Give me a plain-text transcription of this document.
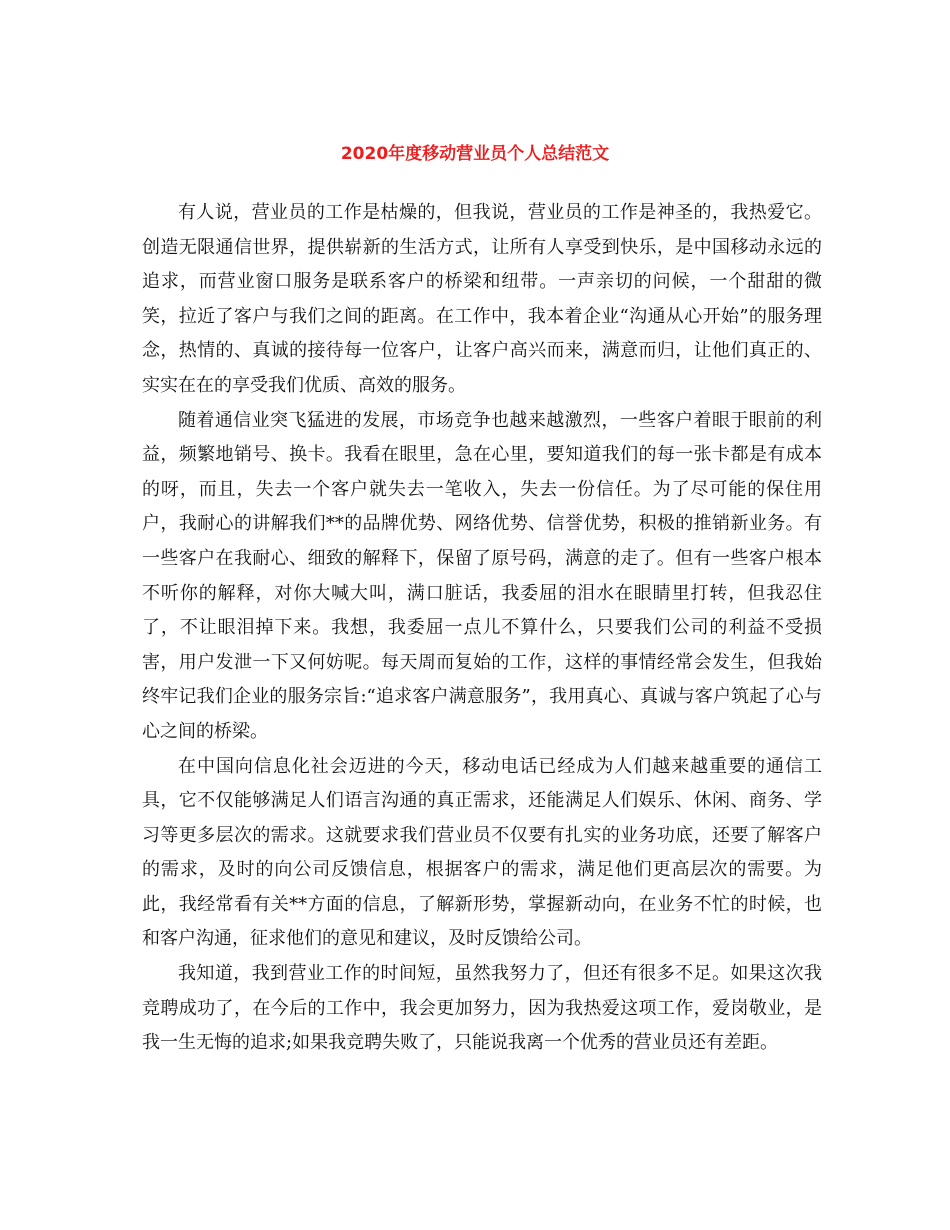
2020年度移动营业员个人总结范文

有人说，营业员的工作是枯燥的，但我说，营业员的工作是神圣的，我热爱它。创造无限通信世界，提供崭新的生活方式，让所有人享受到快乐，是中国移动永远的追求，而营业窗口服务是联系客户的桥梁和纽带。一声亲切的问候，一个甜甜的微笑，拉近了客户与我们之间的距离。在工作中，我本着企业“沟通从心开始”的服务理念，热情的、真诚的接待每一位客户，让客户高兴而来，满意而归，让他们真正的、实实在在的享受我们优质、高效的服务。

随着通信业突飞猛进的发展，市场竞争也越来越激烈，一些客户着眼于眼前的利益，频繁地销号、换卡。我看在眼里，急在心里，要知道我们的每一张卡都是有成本的呀，而且，失去一个客户就失去一笔收入，失去一份信任。为了尽可能的保住用户，我耐心的讲解我们**的品牌优势、网络优势、信誉优势，积极的推销新业务。有一些客户在我耐心、细致的解释下，保留了原号码，满意的走了。但有一些客户根本不听你的解释，对你大喊大叫，满口脏话，我委屈的泪水在眼睛里打转，但我忍住了，不让眼泪掉下来。我想，我委屈一点儿不算什么，只要我们公司的利益不受损害，用户发泄一下又何妨呢。每天周而复始的工作，这样的事情经常会发生，但我始终牢记我们企业的服务宗旨:“追求客户满意服务”，我用真心、真诚与客户筑起了心与心之间的桥梁。

在中国向信息化社会迈进的今天，移动电话已经成为人们越来越重要的通信工具，它不仅能够满足人们语言沟通的真正需求，还能满足人们娱乐、休闲、商务、学习等更多层次的需求。这就要求我们营业员不仅要有扎实的业务功底，还要了解客户的需求，及时的向公司反馈信息，根据客户的需求，满足他们更高层次的需要。为此，我经常看有关**方面的信息，了解新形势，掌握新动向，在业务不忙的时候，也和客户沟通，征求他们的意见和建议，及时反馈给公司。

我知道，我到营业工作的时间短，虽然我努力了，但还有很多不足。如果这次我竞聘成功了，在今后的工作中，我会更加努力，因为我热爱这项工作，爱岗敬业，是我一生无悔的追求;如果我竞聘失败了，只能说我离一个优秀的营业员还有差距。
